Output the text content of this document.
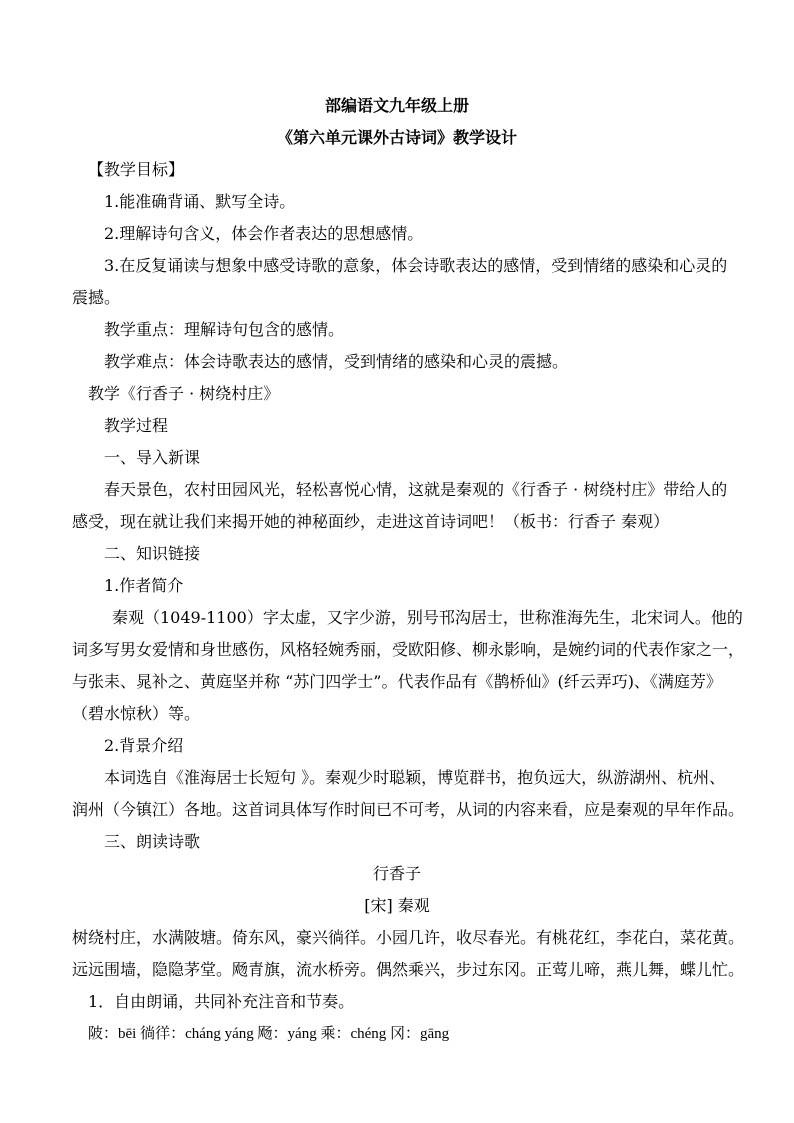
部编语文九年级上册
《第六单元课外古诗词》教学设计
【教学目标】
1.能准确背诵、默写全诗。
2.理解诗句含义，体会作者表达的思想感情。
3.在反复诵读与想象中感受诗歌的意象，体会诗歌表达的感情，受到情绪的感染和心灵的
震撼。
教学重点：理解诗句包含的感情。
教学难点：体会诗歌表达的感情，受到情绪的感染和心灵的震撼。
教学《行香子 · 树绕村庄》
教学过程
一、导入新课
春天景色，农村田园风光，轻松喜悦心情，这就是秦观的《行香子 · 树绕村庄》带给人的
感受，现在就让我们来揭开她的神秘面纱，走进这首诗词吧！（板书：行香子 秦观）
二、知识链接
1.作者简介
秦观（1049-1100）字太虚，又字少游，别号邗沟居士，世称淮海先生，北宋词人。他的
词多写男女爱情和身世感伤，风格轻婉秀丽，受欧阳修、柳永影响，是婉约词的代表作家之一，
与张耒、晁补之、黄庭坚并称 “苏门四学士”。代表作品有《鹊桥仙》(纤云弄巧)、《满庭芳》
（碧水惊秋）等。
2.背景介绍
本词选自《淮海居士长短句 》。秦观少时聪颖，博览群书，抱负远大，纵游湖州、杭州、
润州（今镇江）各地。这首词具体写作时间已不可考，从词的内容来看，应是秦观的早年作品。
三、朗读诗歌
行香子
[宋] 秦观
树绕村庄，水满陂塘。倚东风，豪兴徜徉。小园几许，收尽春光。有桃花红，李花白，菜花黄。
远远围墙，隐隐茅堂。飏青旗，流水桥旁。偶然乘兴，步过东冈。正莺儿啼，燕儿舞，蝶儿忙。
1．自由朗诵，共同补充注音和节奏。
陂：bēi 徜徉：cháng yáng 飏：yáng 乘：chéng 冈：gāng
